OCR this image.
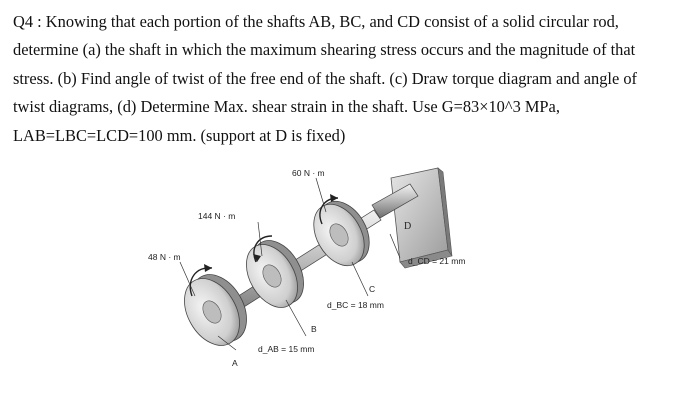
Q4 : Knowing that each portion of the shafts AB, BC, and CD consist of a solid circular rod,

determine (a) the shaft in which the maximum shearing stress occurs and the magnitude of that

stress. (b) Find angle of twist of the free end of the shaft. (c) Draw torque diagram and angle of

twist diagrams, (d) Determine Max. shear strain in the shaft. Use G=83×10^3 MPa,

LAB=LBC=LCD=100 mm. (support at D is fixed)

D
48 N · m
144 N · m
60 N · m
A
B
C
d_AB = 15 mm
d_BC = 18 mm
d_CD = 21 mm
